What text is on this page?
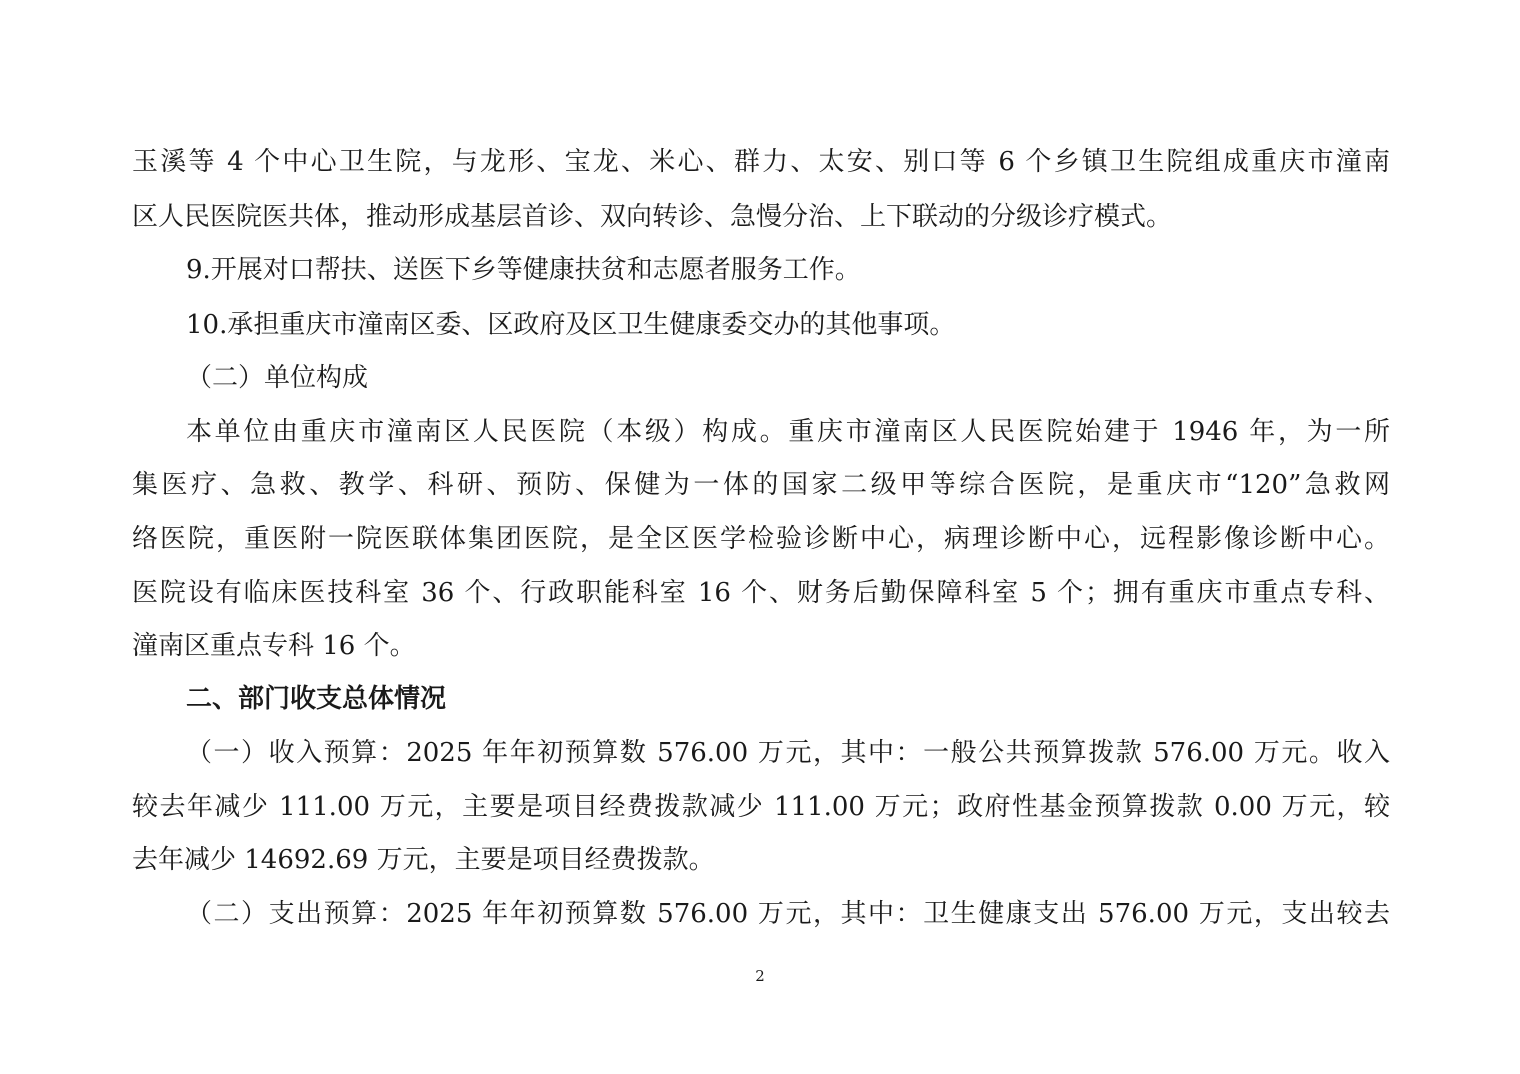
玉溪等 4 个中心卫生院，与龙形、宝龙、米心、群力、太安、别口等 6 个乡镇卫生院组成重庆市潼南
区人民医院医共体，推动形成基层首诊、双向转诊、急慢分治、上下联动的分级诊疗模式。
9.开展对口帮扶、送医下乡等健康扶贫和志愿者服务工作。
10.承担重庆市潼南区委、区政府及区卫生健康委交办的其他事项。
（二）单位构成
本单位由重庆市潼南区人民医院（本级）构成。重庆市潼南区人民医院始建于 1946 年，为一所
集医疗、急救、教学、科研、预防、保健为一体的国家二级甲等综合医院，是重庆市“120”急救网
络医院，重医附一院医联体集团医院，是全区医学检验诊断中心，病理诊断中心，远程影像诊断中心。
医院设有临床医技科室 36 个、行政职能科室 16 个、财务后勤保障科室 5 个；拥有重庆市重点专科、
潼南区重点专科 16 个。
二、部门收支总体情况
（一）收入预算：2025 年年初预算数 576.00 万元，其中：一般公共预算拨款 576.00 万元。收入
较去年减少 111.00 万元，主要是项目经费拨款减少 111.00 万元；政府性基金预算拨款 0.00 万元，较
去年减少 14692.69 万元，主要是项目经费拨款。
（二）支出预算：2025 年年初预算数 576.00 万元，其中：卫生健康支出 576.00 万元，支出较去
2
